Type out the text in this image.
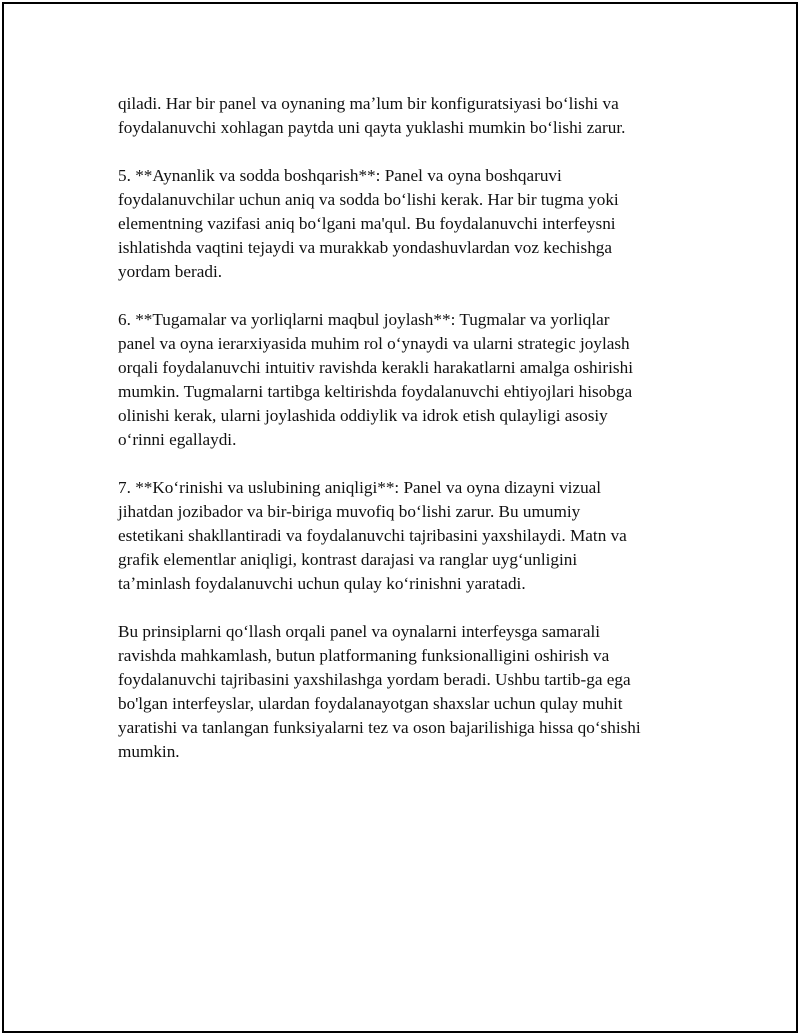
qiladi. Har bir panel va oynaning maʼlum bir konfiguratsiyasi boʻlishi va
foydalanuvchi xohlagan paytda uni qayta yuklashi mumkin boʻlishi zarur.

5. **Aynanlik va sodda boshqarish**: Panel va oyna boshqaruvi
foydalanuvchilar uchun aniq va sodda boʻlishi kerak. Har bir tugma yoki
elementning vazifasi aniq boʻlgani ma'qul. Bu foydalanuvchi interfeysni
ishlatishda vaqtini tejaydi va murakkab yondashuvlardan voz kechishga
yordam beradi.

6. **Tugamalar va yorliqlarni maqbul joylash**: Tugmalar va yorliqlar
panel va oyna ierarxiyasida muhim rol oʻynaydi va ularni strategic joylash
orqali foydalanuvchi intuitiv ravishda kerakli harakatlarni amalga oshirishi
mumkin. Tugmalarni tartibga keltirishda foydalanuvchi ehtiyojlari hisobga
olinishi kerak, ularni joylashida oddiylik va idrok etish qulayligi asosiy
oʻrinni egallaydi.

7. **Koʻrinishi va uslubining aniqligi**: Panel va oyna dizayni vizual
jihatdan jozibador va bir-biriga muvofiq boʻlishi zarur. Bu umumiy
estetikani shakllantiradi va foydalanuvchi tajribasini yaxshilaydi. Matn va
grafik elementlar aniqligi, kontrast darajasi va ranglar uygʻunligini
taʼminlash foydalanuvchi uchun qulay koʻrinishni yaratadi.

Bu prinsiplarni qoʻllash orqali panel va oynalarni interfeysga samarali
ravishda mahkamlash, butun platformaning funksionalligini oshirish va
foydalanuvchi tajribasini yaxshilashga yordam beradi. Ushbu tartib-ga ega
bo'lgan interfeyslar, ulardan foydalanayotgan shaxslar uchun qulay muhit
yaratishi va tanlangan funksiyalarni tez va oson bajarilishiga hissa qoʻshishi
mumkin.
